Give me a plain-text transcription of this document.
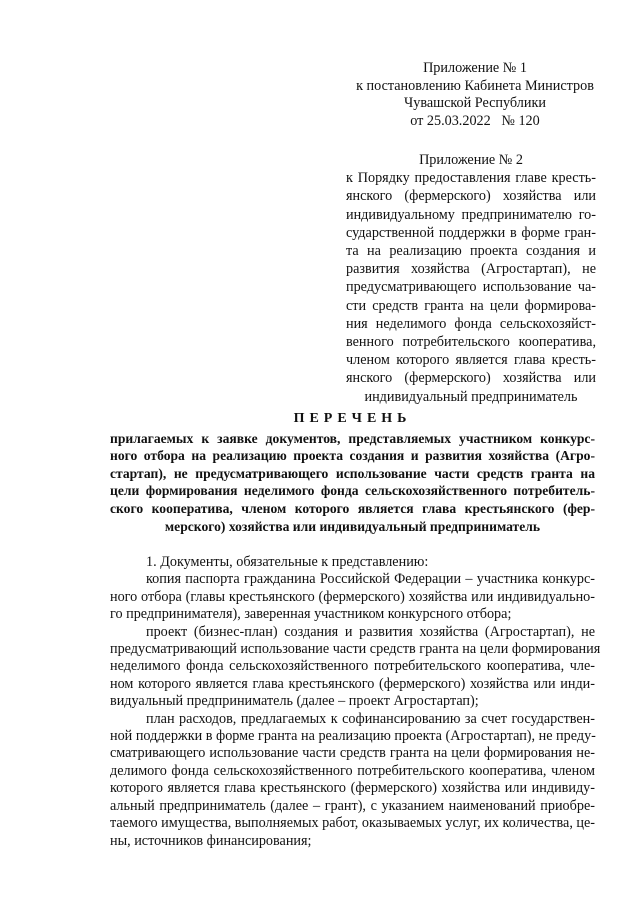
Приложение № 1
к постановлению Кабинета Министров
Чувашской Республики
от 25.03.2022   № 120
Приложение № 2
к Порядку предоставления главе кресть-
янского (фермерского) хозяйства или
индивидуальному предпринимателю го-
сударственной поддержки в форме гран-
та на реализацию проекта создания и
развития хозяйства (Агростартап), не
предусматривающего использование ча-
сти средств гранта на цели формирова-
ния неделимого фонда сельскохозяйст-
венного потребительского кооператива,
членом которого является глава кресть-
янского (фермерского) хозяйства или
индивидуальный предприниматель
ПЕРЕЧЕНЬ
прилагаемых к заявке документов, представляемых участником конкурс-
ного отбора на реализацию проекта создания и развития хозяйства (Агро-
стартап), не предусматривающего использование части средств гранта на
цели формирования неделимого фонда сельскохозяйственного потребитель-
ского кооператива, членом которого является глава крестьянского (фер-
мерского) хозяйства или индивидуальный предприниматель
1. Документы, обязательные к представлению:
копия паспорта гражданина Российской Федерации – участника конкурс-
ного отбора (главы крестьянского (фермерского) хозяйства или индивидуально-
го предпринимателя), заверенная участником конкурсного отбора;
проект (бизнес-план) создания и развития хозяйства (Агростартап), не
предусматривающий использование части средств гранта на цели формирования
неделимого фонда сельскохозяйственного потребительского кооператива, чле-
ном которого является глава крестьянского (фермерского) хозяйства или инди-
видуальный предприниматель (далее – проект Агростартап);
план расходов, предлагаемых к софинансированию за счет государствен-
ной поддержки в форме гранта на реализацию проекта (Агростартап), не преду-
сматривающего использование части средств гранта на цели формирования не-
делимого фонда сельскохозяйственного потребительского кооператива, членом
которого является глава крестьянского (фермерского) хозяйства или индивиду-
альный предприниматель (далее – грант), с указанием наименований приобре-
таемого имущества, выполняемых работ, оказываемых услуг, их количества, це-
ны, источников финансирования;
